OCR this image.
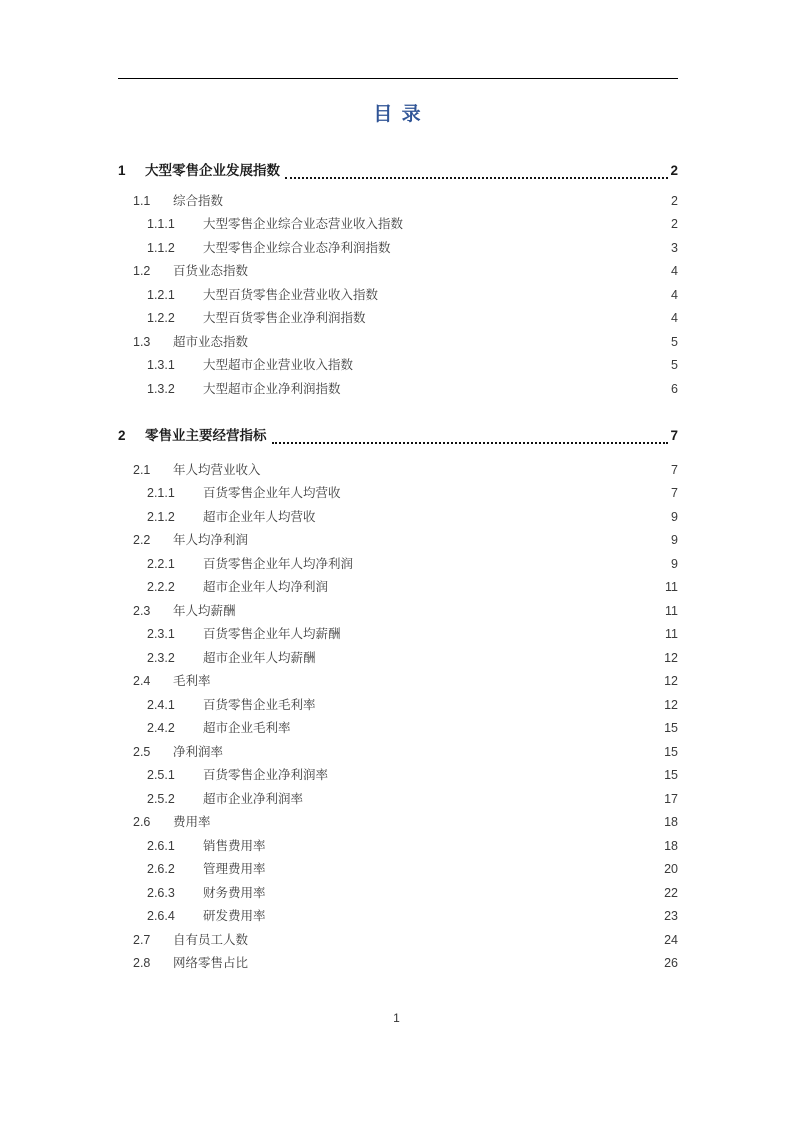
目 录
1	大型零售企业发展指数	2
1.1	综合指数	2
1.1.1	大型零售企业综合业态营业收入指数	2
1.1.2	大型零售企业综合业态净利润指数	3
1.2	百货业态指数	4
1.2.1	大型百货零售企业营业收入指数	4
1.2.2	大型百货零售企业净利润指数	4
1.3	超市业态指数	5
1.3.1	大型超市企业营业收入指数	5
1.3.2	大型超市企业净利润指数	6
2	零售业主要经营指标	7
2.1	年人均营业收入	7
2.1.1	百货零售企业年人均营收	7
2.1.2	超市企业年人均营收	9
2.2	年人均净利润	9
2.2.1	百货零售企业年人均净利润	9
2.2.2	超市企业年人均净利润	11
2.3	年人均薪酬	11
2.3.1	百货零售企业年人均薪酬	11
2.3.2	超市企业年人均薪酬	12
2.4	毛利率	12
2.4.1	百货零售企业毛利率	12
2.4.2	超市企业毛利率	15
2.5	净利润率	15
2.5.1	百货零售企业净利润率	15
2.5.2	超市企业净利润率	17
2.6	费用率	18
2.6.1	销售费用率	18
2.6.2	管理费用率	20
2.6.3	财务费用率	22
2.6.4	研发费用率	23
2.7	自有员工人数	24
2.8	网络零售占比	26
1
